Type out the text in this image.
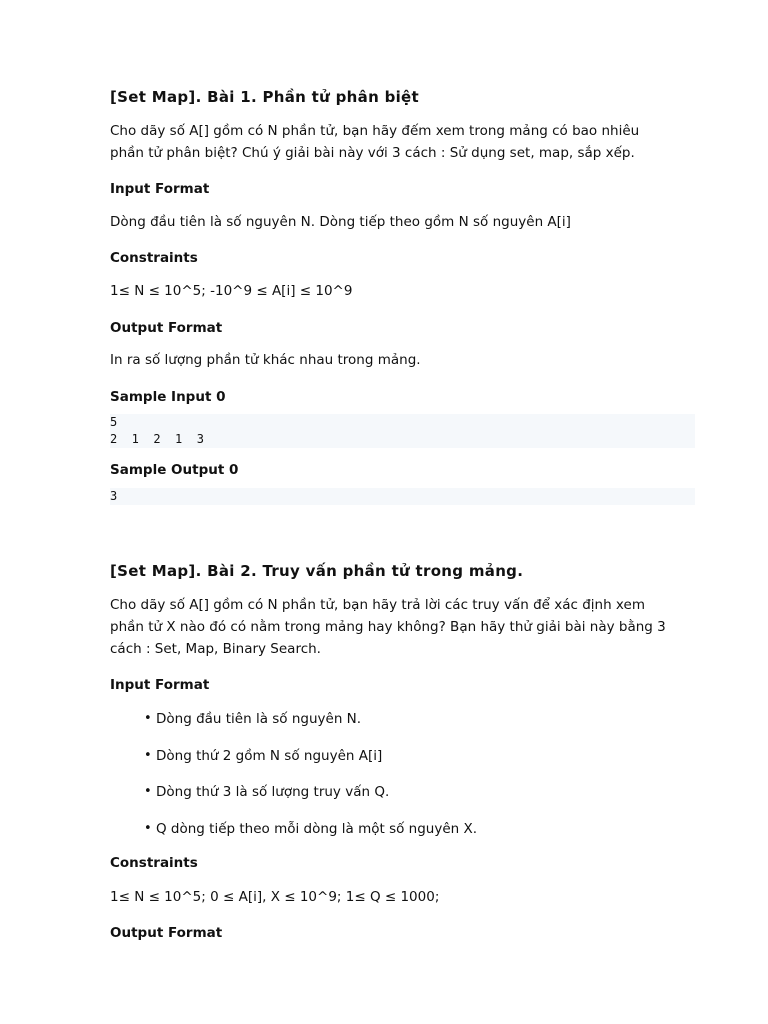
[Set Map]. Bài 1. Phần tử phân biệt

Cho dãy số A[] gồm có N phần tử, bạn hãy đếm xem trong mảng có bao nhiêu
phần tử phân biệt? Chú ý giải bài này với 3 cách : Sử dụng set, map, sắp xếp.

Input Format

Dòng đầu tiên là số nguyên N. Dòng tiếp theo gồm N số nguyên A[i]

Constraints

1≤ N ≤ 10^5; -10^9 ≤ A[i] ≤ 10^9

Output Format

In ra số lượng phần tử khác nhau trong mảng.

Sample Input 0
5
2  1  2  1  3
Sample Output 0
3
[Set Map]. Bài 2. Truy vấn phần tử trong mảng.

Cho dãy số A[] gồm có N phần tử, bạn hãy trả lời các truy vấn để xác định xem
phần tử X nào đó có nằm trong mảng hay không? Bạn hãy thử giải bài này bằng 3
cách : Set, Map, Binary Search.

Input Format
• Dòng đầu tiên là số nguyên N.
• Dòng thứ 2 gồm N số nguyên A[i]
• Dòng thứ 3 là số lượng truy vấn Q.
• Q dòng tiếp theo mỗi dòng là một số nguyên X.
Constraints

1≤ N ≤ 10^5; 0 ≤ A[i], X ≤ 10^9; 1≤ Q ≤ 1000;

Output Format
